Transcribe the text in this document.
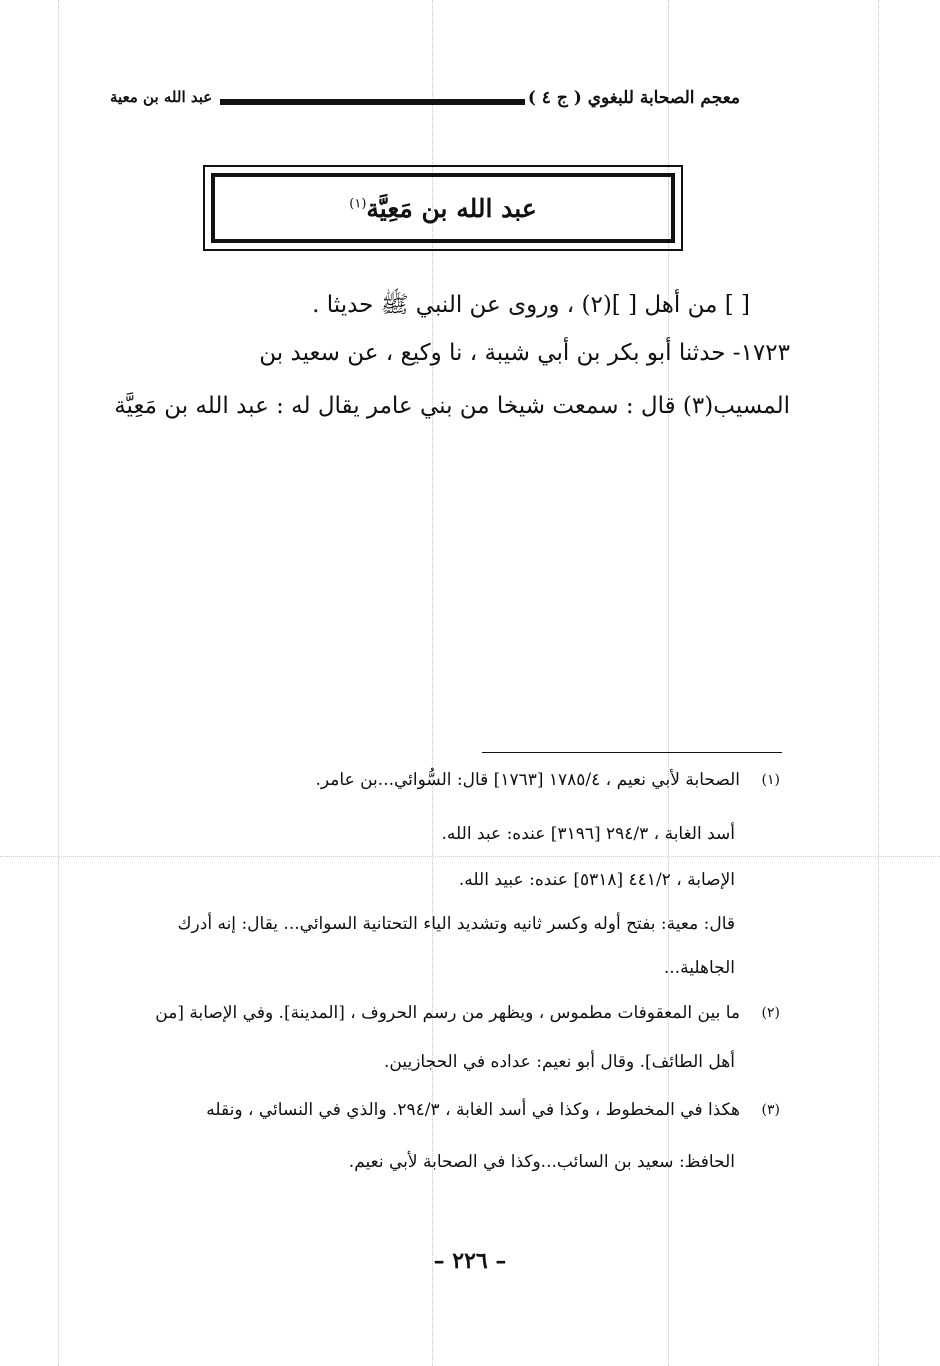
معجم الصحابة للبغوي ( ج ٤ )
عبد الله بن معية
عبد الله بن مَعِيَّة$^{(١)}$
[ ] من أهل [ ](٢) ، وروى عن النبي ﷺ حديثا .
١٧٢٣- حدثنا أبو بكر بن أبي شيبة ، نا وكيع ، عن سعيد بن
المسيب(٣) قال : سمعت شيخا من بني عامر يقال له : عبد الله بن مَعِيَّة
(١)
الصحابة لأبي نعيم ، ١٧٨٥/٤ [١٧٦٣] قال: السُّوائي...بن عامر.
أسد الغابة ، ٢٩٤/٣ [٣١٩٦] عنده: عبد الله.
الإصابة ، ٤٤١/٢ [٥٣١٨] عنده: عبيد الله.
قال: معية: بفتح أوله وكسر ثانيه وتشديد الياء التحتانية السوائي... يقال: إنه أدرك
الجاهلية...
(٢)
ما بين المعقوفات مطموس ، ويظهر من رسم الحروف ، [المدينة]. وفي الإصابة [من
أهل الطائف]. وقال أبو نعيم: عداده في الحجازيين.
(٣)
هكذا في المخطوط ، وكذا في أسد الغابة ، ٢٩٤/٣. والذي في النسائي ، ونقله
الحافظ: سعيد بن السائب...وكذا في الصحابة لأبي نعيم.
– ٢٢٦ –
